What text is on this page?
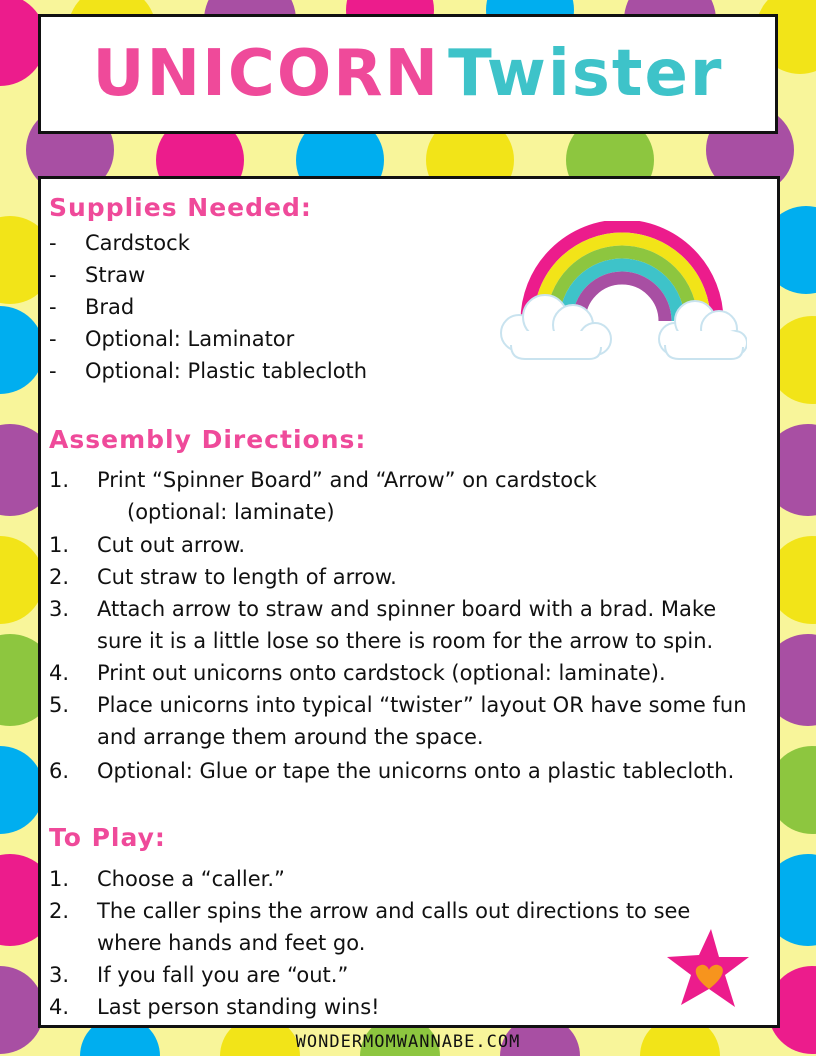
UNICORN Twister
Supplies Needed:
- Cardstock
- Straw
- Brad
- Optional: Laminator
- Optional: Plastic tablecloth
Assembly Directions:
1. Print “Spinner Board” and “Arrow” on cardstock
(optional: laminate)
1. Cut out arrow.
2. Cut straw to length of arrow.
3. Attach arrow to straw and spinner board with a brad. Make
sure it is a little lose so there is room for the arrow to spin.
4. Print out unicorns onto cardstock (optional: laminate).
5. Place unicorns into typical “twister” layout OR have some fun
and arrange them around the space.
6. Optional: Glue or tape the unicorns onto a plastic tablecloth.
To Play:
1. Choose a “caller.”
2. The caller spins the arrow and calls out directions to see
where hands and feet go.
3. If you fall you are “out.”
4. Last person standing wins!
WONDERMOMWANNABE.COM
